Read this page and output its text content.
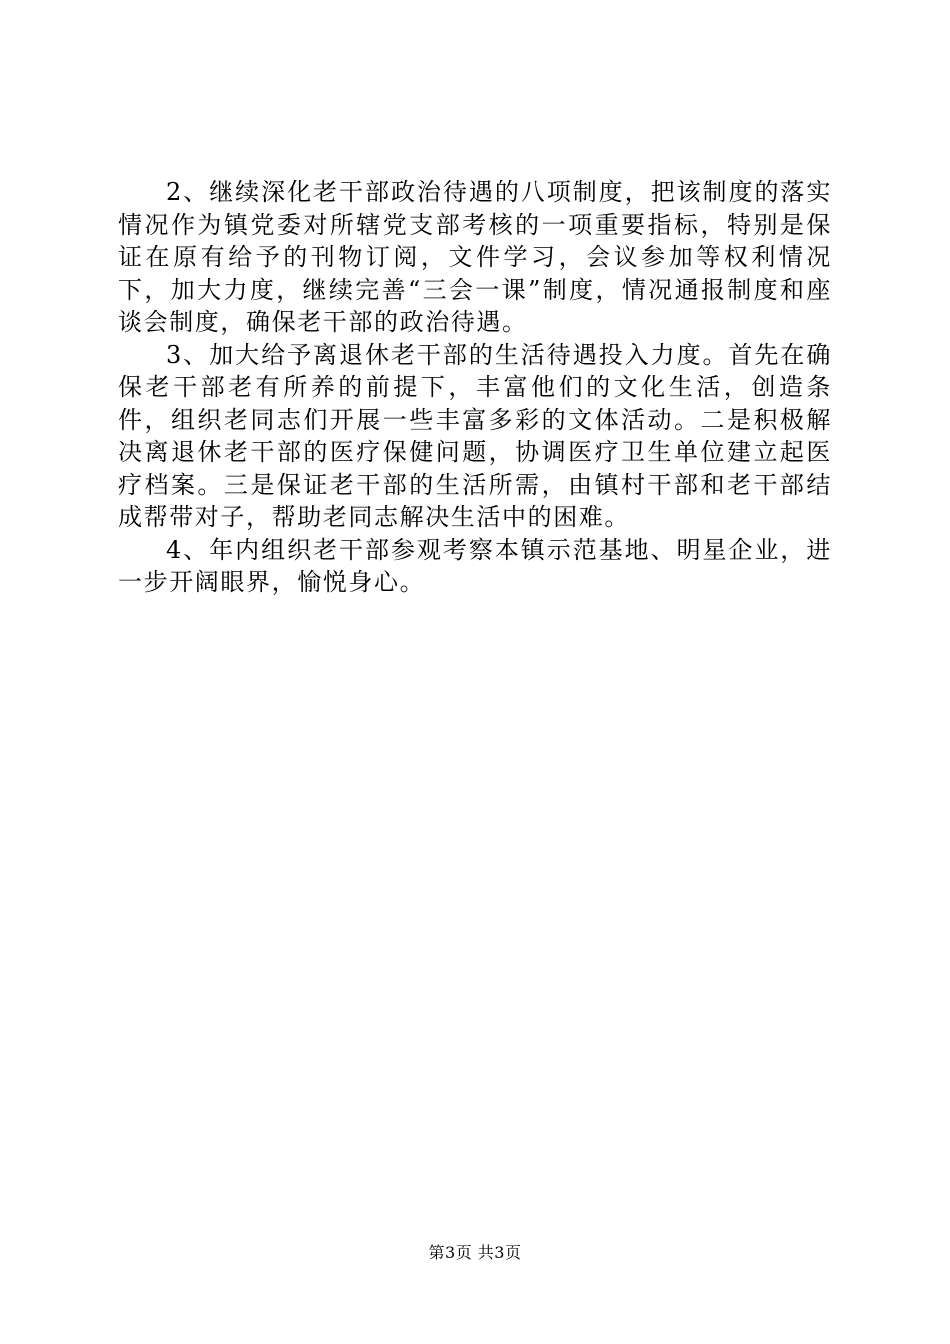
2、继续深化老干部政治待遇的八项制度，把该制度的落实情况作为镇党委对所辖党支部考核的一项重要指标，特别是保证在原有给予的刊物订阅，文件学习，会议参加等权利情况下，加大力度，继续完善“三会一课”制度，情况通报制度和座谈会制度，确保老干部的政治待遇。

3、加大给予离退休老干部的生活待遇投入力度。首先在确保老干部老有所养的前提下，丰富他们的文化生活，创造条件，组织老同志们开展一些丰富多彩的文体活动。二是积极解决离退休老干部的医疗保健问题，协调医疗卫生单位建立起医疗档案。三是保证老干部的生活所需，由镇村干部和老干部结成帮带对子，帮助老同志解决生活中的困难。

4、年内组织老干部参观考察本镇示范基地、明星企业，进一步开阔眼界，愉悦身心。

第3页 共3页
